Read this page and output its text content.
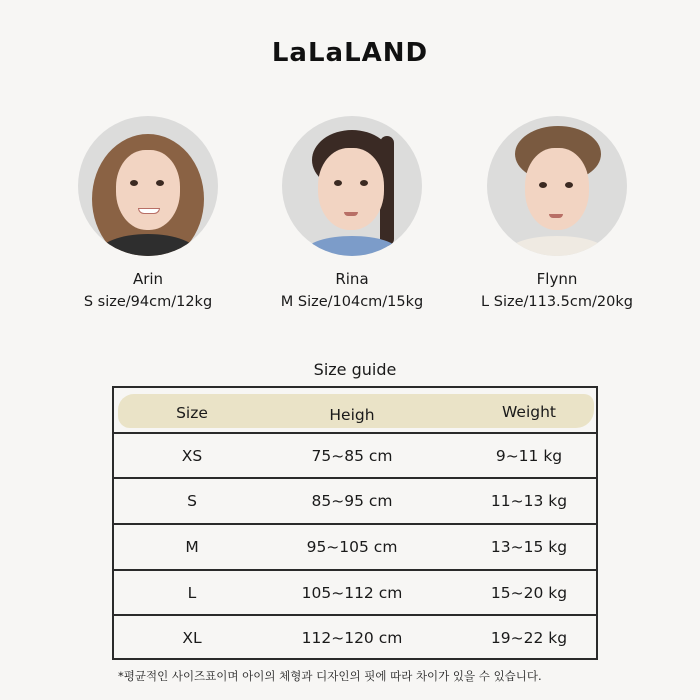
LaLaLAND
Arin
S size/94cm/12kg
Rina
M Size/104cm/15kg
Flynn
L Size/113.5cm/20kg
Size guide
Size	Heigh	Weight
XS	75~85 cm	9~11 kg
S	85~95 cm	11~13 kg
M	95~105 cm	13~15 kg
L	105~112 cm	15~20 kg
XL	112~120 cm	19~22 kg
*평균적인 사이즈표이며 아이의 체형과 디자인의 핏에 따라 차이가 있을 수 있습니다.
